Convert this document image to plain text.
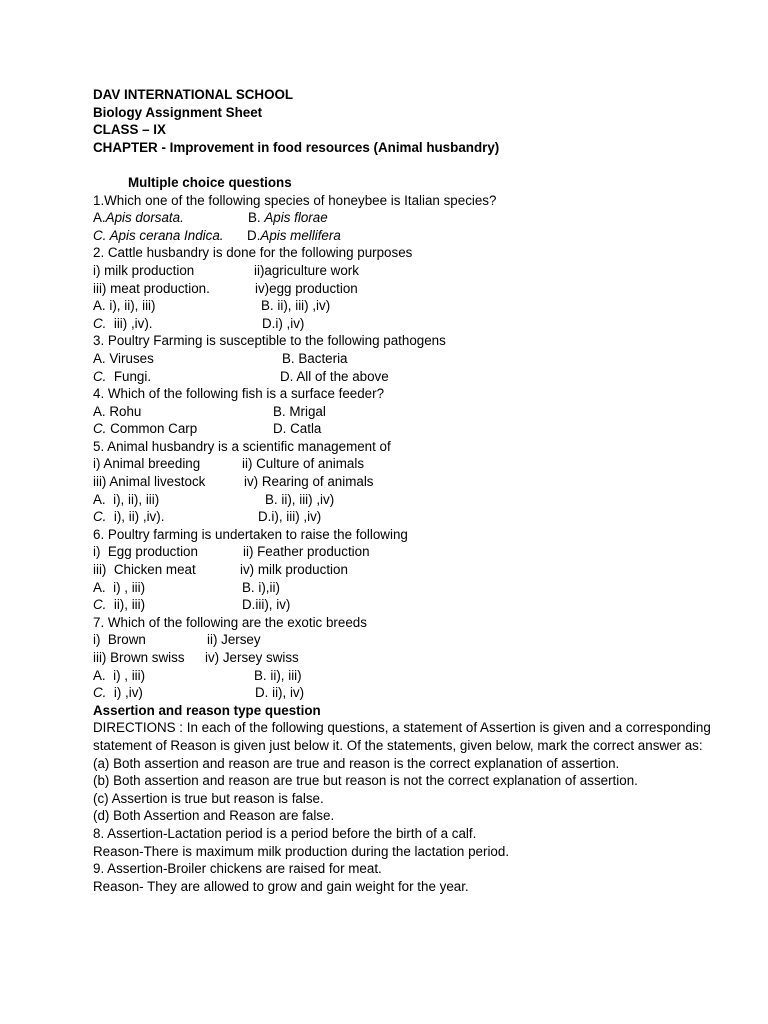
DAV INTERNATIONAL SCHOOL
Biology Assignment Sheet
CLASS – IX
CHAPTER - Improvement in food resources (Animal husbandry)
Multiple choice questions
1.Which one of the following species of honeybee is Italian species?
A.Apis dorsata.	B. Apis florae
C. Apis cerana Indica. D.Apis mellifera
2. Cattle husbandry is done for the following purposes
i) milk production	ii)agriculture work
iii) meat production.	iv)egg production
A. i), ii), iii)	B. ii), iii) ,iv)
C.  iii) ,iv).	D.i) ,iv)
3. Poultry Farming is susceptible to the following pathogens
A. Viruses	B. Bacteria
C.  Fungi.	D. All of the above
4. Which of the following fish is a surface feeder?
A. Rohu	B. Mrigal
C. Common Carp	D. Catla
5. Animal husbandry is a scientific management of
i) Animal breeding	ii) Culture of animals
iii) Animal livestock	iv) Rearing of animals
A.  i), ii), iii)	B. ii), iii) ,iv)
C.  i), ii) ,iv).	D.i), iii) ,iv)
6. Poultry farming is undertaken to raise the following
i)  Egg production	ii) Feather production
iii)  Chicken meat	iv) milk production
A.  i) , iii)	B. i),ii)
C.  ii), iii)	D.iii), iv)
7. Which of the following are the exotic breeds
i)  Brown	ii) Jersey
iii) Brown swiss iv) Jersey swiss
A.  i) , iii)	B. ii), iii)
C.  i) ,iv)	D. ii), iv)
Assertion and reason type question
DIRECTIONS : In each of the following questions, a statement of Assertion is given and a corresponding statement of Reason is given just below it. Of the statements, given below, mark the correct answer as:
(a) Both assertion and reason are true and reason is the correct explanation of assertion.
(b) Both assertion and reason are true but reason is not the correct explanation of assertion.
(c) Assertion is true but reason is false.
(d) Both Assertion and Reason are false.
8. Assertion-Lactation period is a period before the birth of a calf.
Reason-There is maximum milk production during the lactation period.
9. Assertion-Broiler chickens are raised for meat.
Reason- They are allowed to grow and gain weight for the year.
